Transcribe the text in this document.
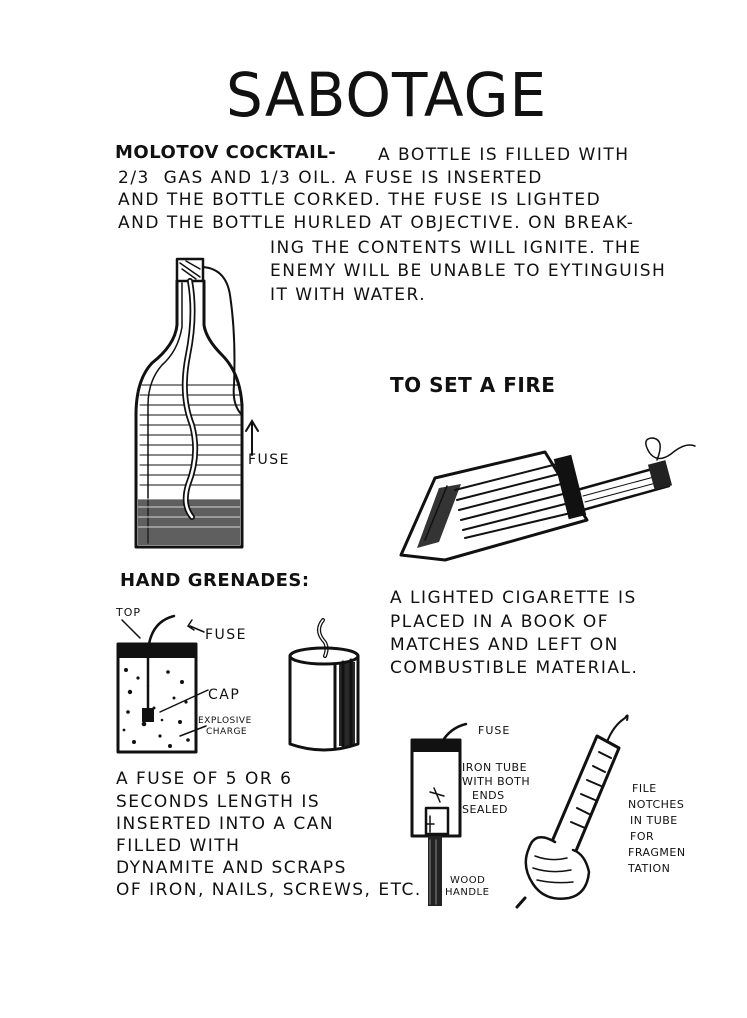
SABOTAGE
MOLOTOV COCKTAIL- A BOTTLE IS FILLED WITH
2/3  GAS AND 1/3 OIL. A FUSE IS INSERTED
AND THE BOTTLE CORKED. THE FUSE IS LIGHTED
AND THE BOTTLE HURLED AT OBJECTIVE. ON BREAK-
ING THE CONTENTS WILL IGNITE. THE
ENEMY WILL BE UNABLE TO EYTINGUISH
IT WITH WATER.
FUSE
TO SET A FIRE
A LIGHTED CIGARETTE IS
PLACED IN A BOOK OF
MATCHES AND LEFT ON
COMBUSTIBLE MATERIAL.
HAND GRENADES:
TOP
FUSE
CAP
EXPLOSIVE
CHARGE
A FUSE OF 5 OR 6
SECONDS LENGTH IS
INSERTED INTO A CAN
FILLED WITH
DYNAMITE AND SCRAPS
OF IRON, NAILS, SCREWS, ETC.
FUSE
IRON TUBE
WITH BOTH
ENDS
SEALED
WOOD
HANDLE
FILE
NOTCHES
IN TUBE
FOR
FRAGMEN
TATION
